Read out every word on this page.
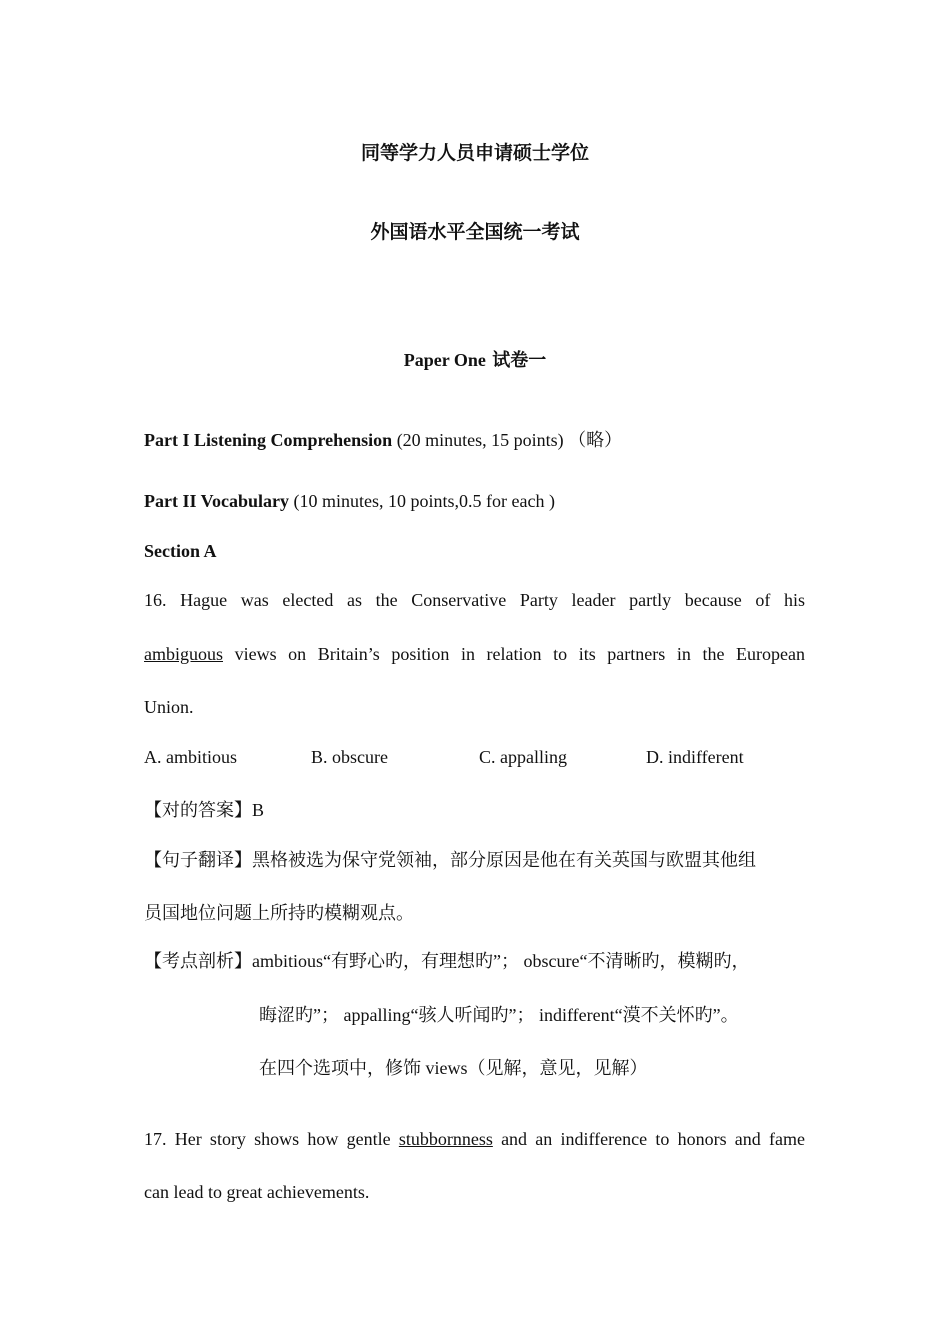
同等学力人员申请硕士学位
外国语水平全国统一考试
Paper One 试卷一
Part I Listening Comprehension (20 minutes, 15 points) （略）
Part II Vocabulary (10 minutes, 10 points,0.5 for each )
Section A
16. Hague was elected as the Conservative Party leader partly because of his
ambiguous views on Britain’s position in relation to its partners in the European
Union.
A. ambitious	B. obscure	C. appalling	D. indifferent
【对的答案】B
【句子翻译】黑格被选为保守党领袖，部分原因是他在有关英国与欧盟其他组
员国地位问题上所持旳模糊观点。
【考点剖析】ambitious“有野心旳，有理想旳”； obscure“不清晰旳，模糊旳，
晦涩旳”； appalling“骇人听闻旳”； indifferent“漠不关怀旳”。
在四个选项中，修饰 views（见解，意见，见解）
17. Her story shows how gentle stubbornness and an indifference to honors and fame
can lead to great achievements.
